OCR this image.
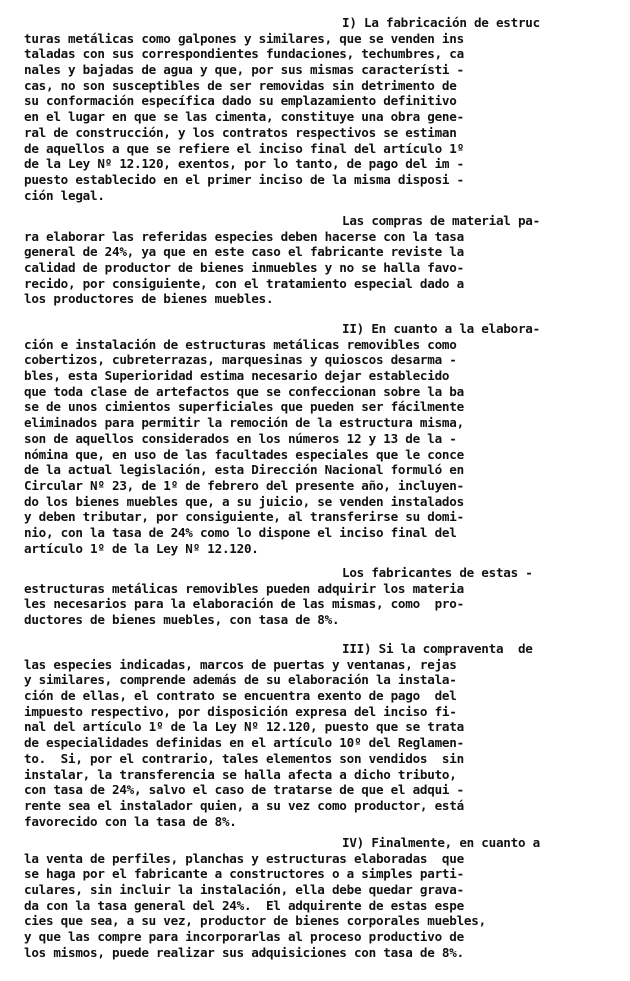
I) La fabricación de estruc
turas metálicas como galpones y similares, que se venden ins
taladas con sus correspondientes fundaciones, techumbres, ca
nales y bajadas de agua y que, por sus mismas característi -
cas, no son susceptibles de ser removidas sin detrimento de
su conformación específica dado su emplazamiento definitivo
en el lugar en que se las cimenta, constituye una obra gene-
ral de construcción, y los contratos respectivos se estiman
de aquellos a que se refiere el inciso final del artículo 1º
de la Ley Nº 12.120, exentos, por lo tanto, de pago del im -
puesto establecido en el primer inciso de la misma disposi -
ción legal.
Las compras de material pa-
ra elaborar las referidas especies deben hacerse con la tasa
general de 24%, ya que en este caso el fabricante reviste la
calidad de productor de bienes inmuebles y no se halla favo-
recido, por consiguiente, con el tratamiento especial dado a
los productores de bienes muebles.
II) En cuanto a la elabora-
ción e instalación de estructuras metálicas removibles como
cobertizos, cubreterrazas, marquesinas y quioscos desarma -
bles, esta Superioridad estima necesario dejar establecido
que toda clase de artefactos que se confeccionan sobre la ba
se de unos cimientos superficiales que pueden ser fácilmente
eliminados para permitir la remoción de la estructura misma,
son de aquellos considerados en los números 12 y 13 de la -
nómina que, en uso de las facultades especiales que le conce
de la actual legislación, esta Dirección Nacional formuló en
Circular Nº 23, de 1º de febrero del presente año, incluyen-
do los bienes muebles que, a su juicio, se venden instalados
y deben tributar, por consiguiente, al transferirse su domi-
nio, con la tasa de 24% como lo dispone el inciso final del
artículo 1º de la Ley Nº 12.120.
Los fabricantes de estas -
estructuras metálicas removibles pueden adquirir los materia
les necesarios para la elaboración de las mismas, como  pro-
ductores de bienes muebles, con tasa de 8%.
III) Si la compraventa  de
las especies indicadas, marcos de puertas y ventanas, rejas
y similares, comprende además de su elaboración la instala-
ción de ellas, el contrato se encuentra exento de pago  del
impuesto respectivo, por disposición expresa del inciso fi-
nal del artículo 1º de la Ley Nº 12.120, puesto que se trata
de especialidades definidas en el artículo 10º del Reglamen-
to.  Si, por el contrario, tales elementos son vendidos  sin
instalar, la transferencia se halla afecta a dicho tributo,
con tasa de 24%, salvo el caso de tratarse de que el adqui -
rente sea el instalador quien, a su vez como productor, está
favorecido con la tasa de 8%.
IV) Finalmente, en cuanto a
la venta de perfiles, planchas y estructuras elaboradas  que
se haga por el fabricante a constructores o a simples parti-
culares, sin incluir la instalación, ella debe quedar grava-
da con la tasa general del 24%.  El adquirente de estas espe
cies que sea, a su vez, productor de bienes corporales muebles,
y que las compre para incorporarlas al proceso productivo de
los mismos, puede realizar sus adquisiciones con tasa de 8%.
